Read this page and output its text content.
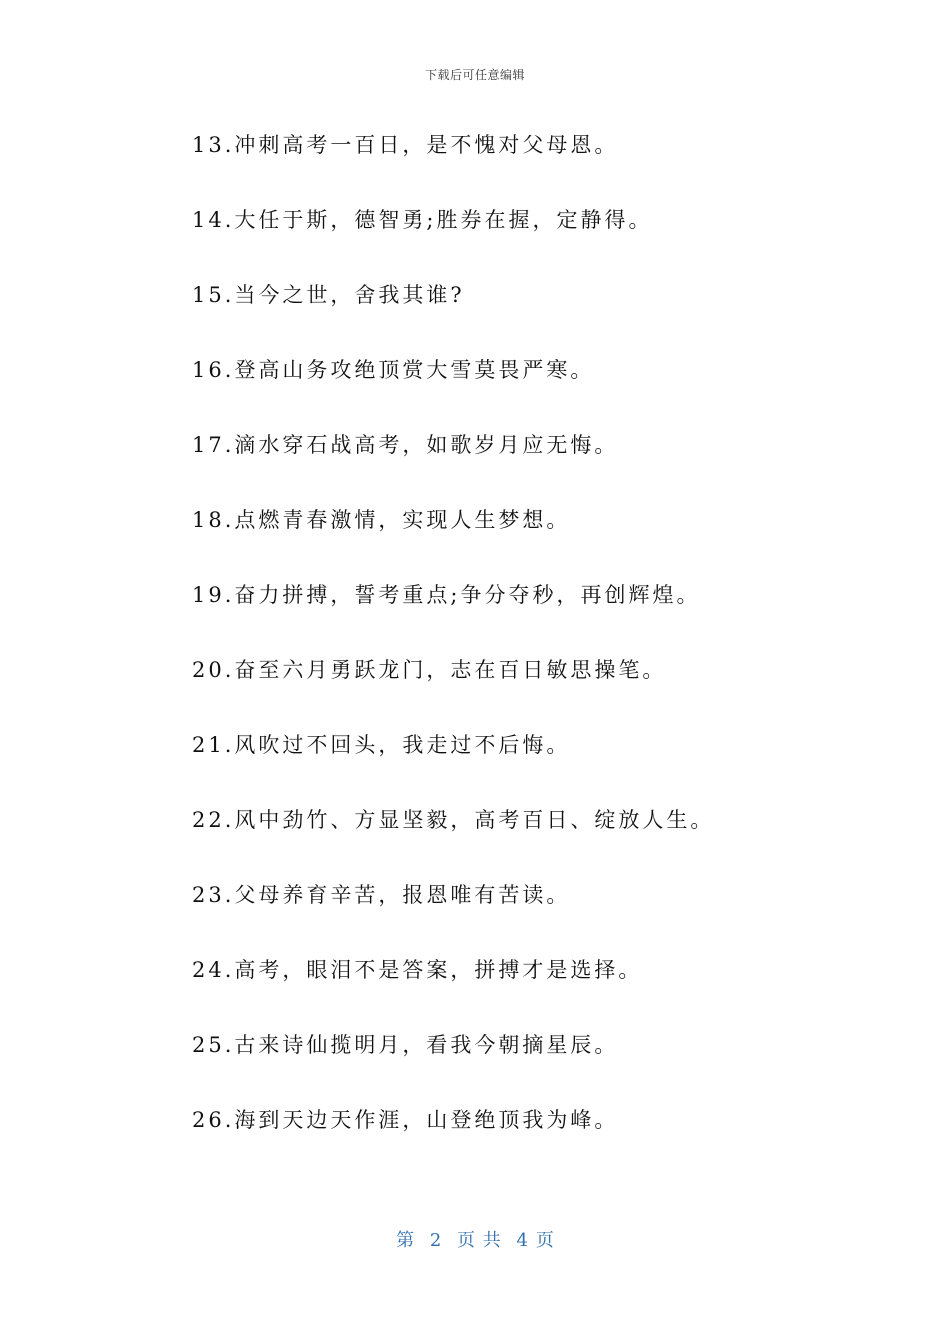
下载后可任意编辑
13.冲刺高考一百日，是不愧对父母恩。
14.大任于斯，德智勇;胜券在握，定静得。
15.当今之世，舍我其谁?
16.登高山务攻绝顶赏大雪莫畏严寒。
17.滴水穿石战高考，如歌岁月应无悔。
18.点燃青春激情，实现人生梦想。
19.奋力拼搏，誓考重点;争分夺秒，再创辉煌。
20.奋至六月勇跃龙门，志在百日敏思操笔。
21.风吹过不回头，我走过不后悔。
22.风中劲竹、方显坚毅，高考百日、绽放人生。
23.父母养育辛苦，报恩唯有苦读。
24.高考，眼泪不是答案，拼搏才是选择。
25.古来诗仙揽明月，看我今朝摘星辰。
26.海到天边天作涯，山登绝顶我为峰。
第 2 页 共 4 页
